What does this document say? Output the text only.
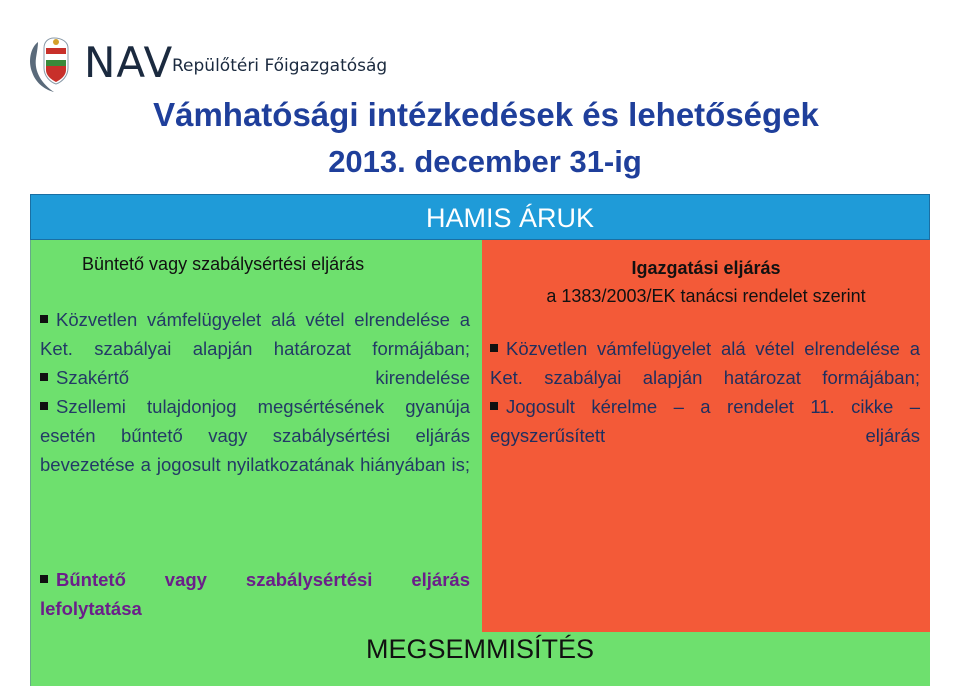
NAV
Repülőtéri Főigazgatóság
Vámhatósági intézkedések és lehetőségek
2013. december 31-ig
HAMIS ÁRUK
Büntető vagy szabálysértési eljárás	Igazgatási eljárás
a 1383/2003/EK tanácsi rendelet szerint
Közvetlen vámfelügyelet alá vétel elrendelése a Ket. szabályai alapján határozat formájában;
Szakértő kirendelése
Szellemi tulajdonjog megsértésének gyanúja esetén bűntető vagy szabálysértési eljárás bevezetése a jogosult nyilatkozatának hiányában is;
Bűntető vagy szabálysértési eljárás lefolytatása
Közvetlen vámfelügyelet alá vétel elrendelése a Ket. szabályai alapján határozat formájában;
Jogosult kérelme – a rendelet 11. cikke – egyszerűsített eljárás
MEGSEMMISÍTÉS
